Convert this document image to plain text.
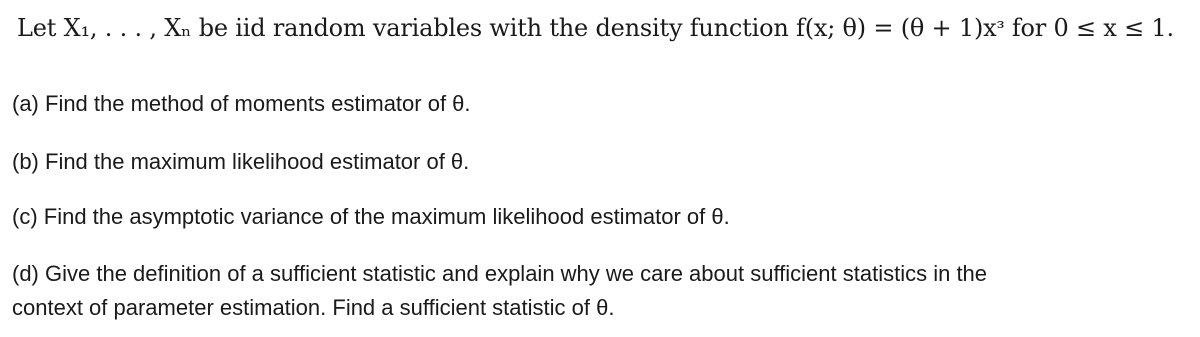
Let X₁, . . . , Xₙ be iid random variables with the density function f(x; θ) = (θ + 1)xᵌ for 0 ≤ x ≤ 1.
(a) Find the method of moments estimator of θ.
(b) Find the maximum likelihood estimator of θ.
(c) Find the asymptotic variance of the maximum likelihood estimator of θ.
(d) Give the definition of a sufficient statistic and explain why we care about sufficient statistics in the
context of parameter estimation. Find a sufficient statistic of θ.
